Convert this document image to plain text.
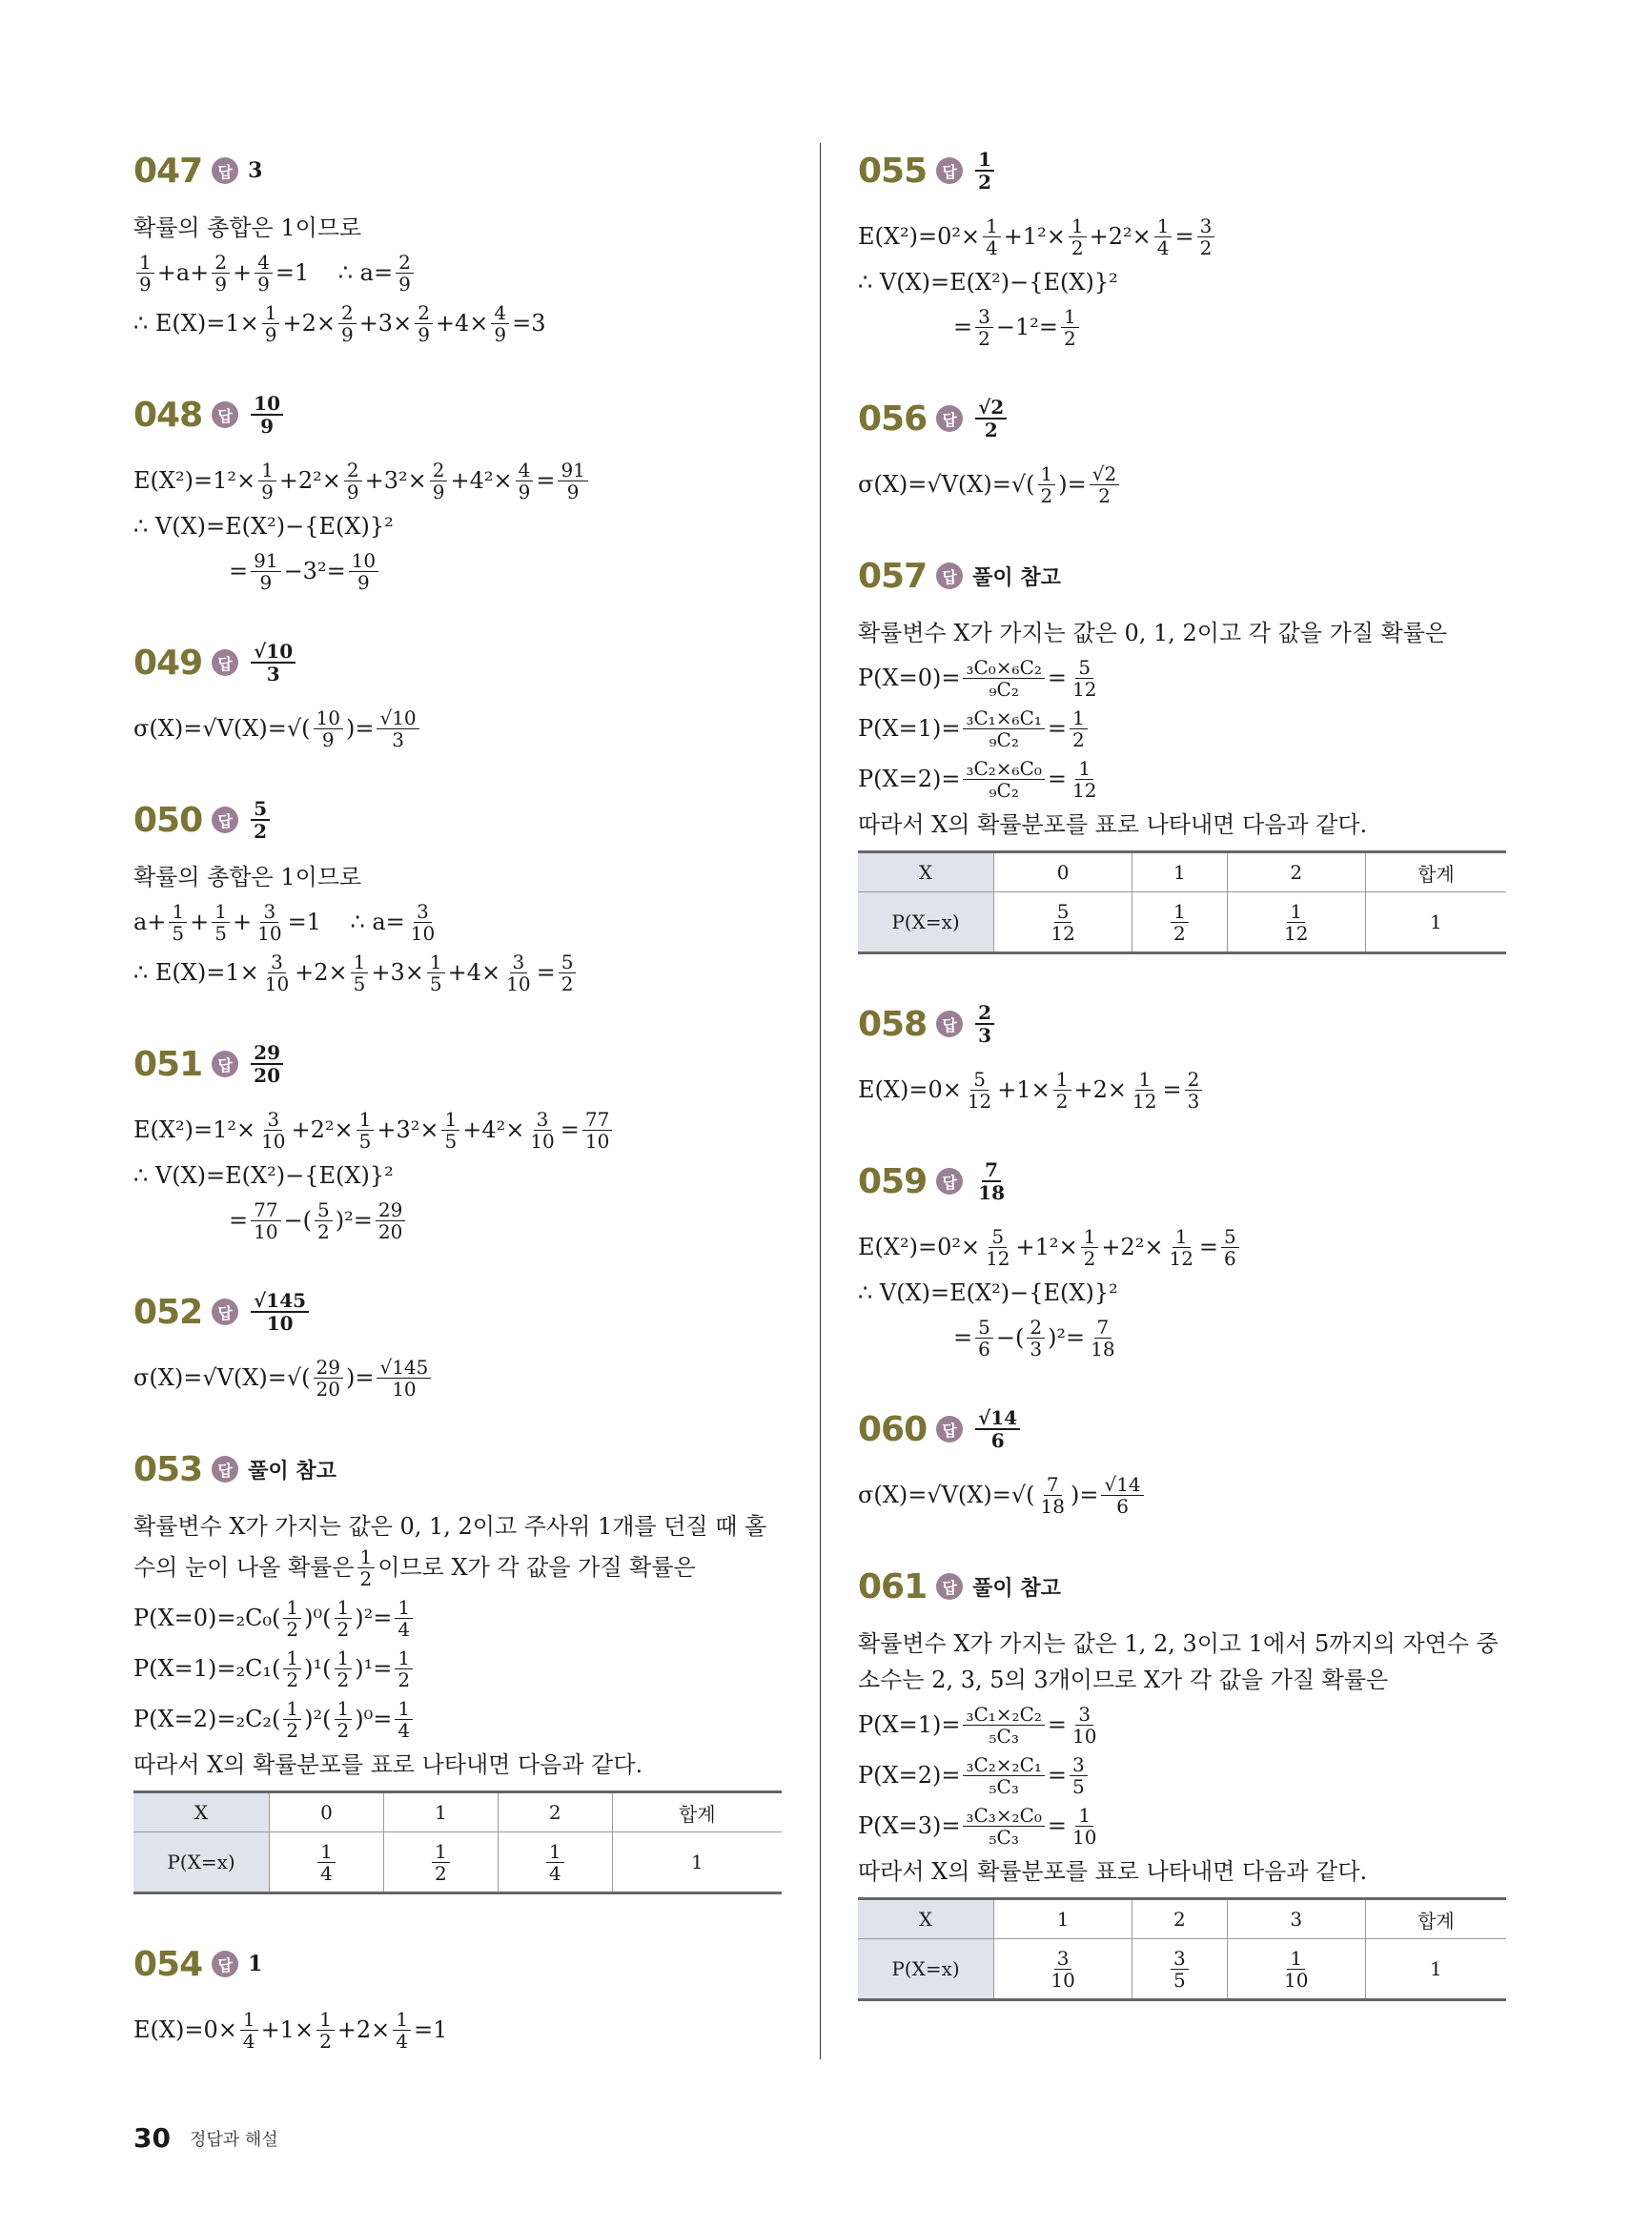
047	답 3
확률의 총합은 1이므로
$\frac{1}{9} +a+ \frac{2}{9} + \frac{4}{9} =1$    ∴ $a= \frac{2}{9}$
∴ $E(X)=1\times \frac{1}{9} +2\times \frac{2}{9} +3\times \frac{2}{9} +4\times \frac{4}{9} =3$
048	답 $\frac{10}{9}$
$E(X^2)=1^2\times \frac{1}{9} +2^2\times \frac{2}{9} +3^2\times \frac{2}{9} +4^2\times \frac{4}{9} = \frac{91}{9}$
∴ V(X)=E(X²)−{E(X)}²
= $\frac{91}{9} -3^2= \frac{10}{9}$
049	답 $\frac{√10}{3}$
$\sigma(X)=√V(X)=√( \frac{10}{9}$ )= $\frac{√10}{3}$
050	답 $\frac{5}{2}$
확률의 총합은 1이므로
$a+ \frac{1}{5} + \frac{1}{5} + \frac{3}{10} =1$    ∴ $a= \frac{3}{10}$
∴ $E(X)=1\times \frac{3}{10} +2\times \frac{1}{5} +3\times \frac{1}{5} +4\times \frac{3}{10} = \frac{5}{2}$
051	답 $\frac{29}{20}$
$E(X^2)=1^2\times \frac{3}{10} +2^2\times \frac{1}{5} +3^2\times \frac{1}{5} +4^2\times \frac{3}{10} = \frac{77}{10}$
∴ V(X)=E(X²)−{E(X)}²
= $\frac{77}{10}$ −( $\frac{5}{2} )^2= \frac{29}{20}$
052	답 $\frac{√145}{10}$
$\sigma(X)=√V(X)=√( \frac{29}{20}$ )= $\frac{√145}{10}$
053	답 풀이 참고
확률변수 X가 가지는 값은 0, 1, 2이고 주사위 1개를 던질 때 홀
수의 눈이 나올 확률은 $\frac{1}{2}$ 이므로 X가 각 값을 가질 확률은
$P(X=0)=_2C_0( \frac{1}{2} )^0( \frac{1}{2} )^2= \frac{1}{4}$
$P(X=1)=_2C_1( \frac{1}{2} )^1( \frac{1}{2} )^1= \frac{1}{2}$
$P(X=2)=_2C_2( \frac{1}{2} )^2( \frac{1}{2} )^0= \frac{1}{4}$
따라서 X의 확률분포를 표로 나타내면 다음과 같다.
X	0	1	2	합계
P(X=x)	$\frac{1}{4}$	$\frac{1}{2}$	$\frac{1}{4}$	1
054	답 1
$E(X)=0\times \frac{1}{4} +1\times \frac{1}{2} +2\times \frac{1}{4} =1$
055	답 $\frac{1}{2}$
$E(X^2)=0^2\times \frac{1}{4} +1^2\times \frac{1}{2} +2^2\times \frac{1}{4} = \frac{3}{2}$
∴ V(X)=E(X²)−{E(X)}²
= $\frac{3}{2} -1^2= \frac{1}{2}$
056	답 $\frac{√2}{2}$
$\sigma(X)=√V(X)=√( \frac{1}{2}$ )= $\frac{√2}{2}$
057	답 풀이 참고
확률변수 X가 가지는 값은 0, 1, 2이고 각 값을 가질 확률은
$P(X=0)= \frac{\text{₃C₀×₆C₂}}{\text{₉C₂}} = \frac{5}{12}$
$P(X=1)= \frac{\text{₃C₁×₆C₁}}{\text{₉C₂}} = \frac{1}{2}$
$P(X=2)= \frac{\text{₃C₂×₆C₀}}{\text{₉C₂}} = \frac{1}{12}$
따라서 X의 확률분포를 표로 나타내면 다음과 같다.
X	0	1	2	합계
P(X=x)	$\frac{5}{12}$	$\frac{1}{2}$	$\frac{1}{12}$	1
058	답 $\frac{2}{3}$
$E(X)=0\times \frac{5}{12} +1\times \frac{1}{2} +2\times \frac{1}{12} = \frac{2}{3}$
059	답 $\frac{7}{18}$
$E(X^2)=0^2\times \frac{5}{12} +1^2\times \frac{1}{2} +2^2\times \frac{1}{12} = \frac{5}{6}$
∴ V(X)=E(X²)−{E(X)}²
= $\frac{5}{6}$ −( $\frac{2}{3} )^2= \frac{7}{18}$
060	답 $\frac{√14}{6}$
$\sigma(X)=√V(X)=√( \frac{7}{18}$ )= $\frac{√14}{6}$
061	답 풀이 참고
확률변수 X가 가지는 값은 1, 2, 3이고 1에서 5까지의 자연수 중
소수는 2, 3, 5의 3개이므로 X가 각 값을 가질 확률은
$P(X=1)= \frac{\text{₃C₁×₂C₂}}{\text{₅C₃}} = \frac{3}{10}$
$P(X=2)= \frac{\text{₃C₂×₂C₁}}{\text{₅C₃}} = \frac{3}{5}$
$P(X=3)= \frac{\text{₃C₃×₂C₀}}{\text{₅C₃}} = \frac{1}{10}$
따라서 X의 확률분포를 표로 나타내면 다음과 같다.
X	1	2	3	합계
P(X=x)	$\frac{3}{10}$	$\frac{3}{5}$	$\frac{1}{10}$	1
30 정답과 해설
